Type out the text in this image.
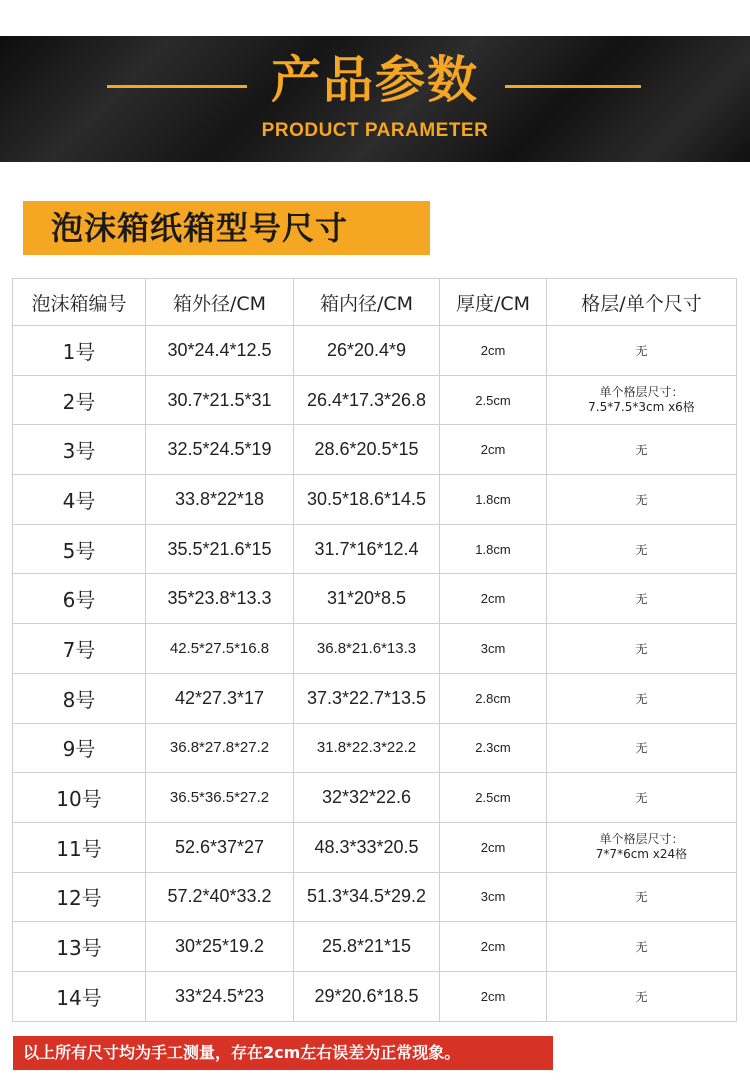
产品参数
PRODUCT PARAMETER
泡沫箱纸箱型号尺寸
泡沫箱编号	箱外径/CM	箱内径/CM	厚度/CM	格层/单个尺寸
1号	30*24.4*12.5	26*20.4*9	2cm	无
2号	30.7*21.5*31	26.4*17.3*26.8	2.5cm	单个格层尺寸：
7.5*7.5*3cm x6格

3号	32.5*24.5*19	28.6*20.5*15	2cm	无
4号	33.8*22*18	30.5*18.6*14.5	1.8cm	无
5号	35.5*21.6*15	31.7*16*12.4	1.8cm	无
6号	35*23.8*13.3	31*20*8.5	2cm	无
7号	42.5*27.5*16.8	36.8*21.6*13.3	3cm	无
8号	42*27.3*17	37.3*22.7*13.5	2.8cm	无
9号	36.8*27.8*27.2	31.8*22.3*22.2	2.3cm	无
10号	36.5*36.5*27.2	32*32*22.6	2.5cm	无
11号	52.6*37*27	48.3*33*20.5	2cm	单个格层尺寸：
7*7*6cm x24格

12号	57.2*40*33.2	51.3*34.5*29.2	3cm	无
13号	30*25*19.2	25.8*21*15	2cm	无
14号	33*24.5*23	29*20.6*18.5	2cm	无
以上所有尺寸均为手工测量，存在2cm左右误差为正常现象。
